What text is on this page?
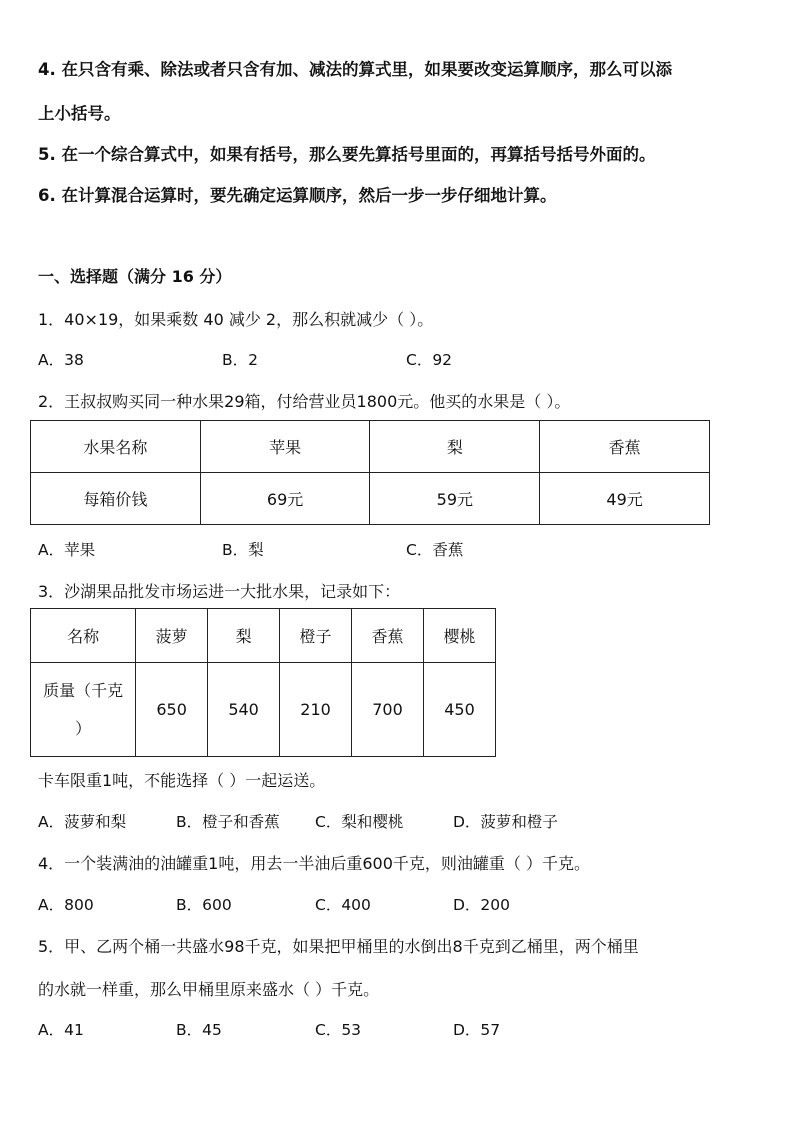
4. 在只含有乘、除法或者只含有加、减法的算式里，如果要改变运算顺序，那么可以添
上小括号。
5. 在一个综合算式中，如果有括号，那么要先算括号里面的，再算括号括号外面的。
6. 在计算混合运算时，要先确定运算顺序，然后一步一步仔细地计算。
一、选择题（满分 16 分）
1．40×19，如果乘数 40 减少 2，那么积就减少（ ）。
A．38	B．2	C．92
2．王叔叔购买同一种水果29箱，付给营业员1800元。他买的水果是（ ）。
水果名称	苹果	梨	香蕉
每箱价钱	69元	59元	49元
A．苹果	B．梨	C．香蕉
3．沙湖果品批发市场运进一大批水果，记录如下：
名称	菠萝	梨	橙子	香蕉	樱桃

质量（千克
）	650	540	210	700	450
卡车限重1吨，不能选择（ ）一起运送。
A．菠萝和梨	B．橙子和香蕉 C．梨和樱桃	D．菠萝和橙子
4．一个装满油的油罐重1吨，用去一半油后重600千克，则油罐重（ ）千克。
A．800	B．600	C．400	D．200
5．甲、乙两个桶一共盛水98千克，如果把甲桶里的水倒出8千克到乙桶里，两个桶里
的水就一样重，那么甲桶里原来盛水（ ）千克。
A．41	B．45	C．53	D．57
